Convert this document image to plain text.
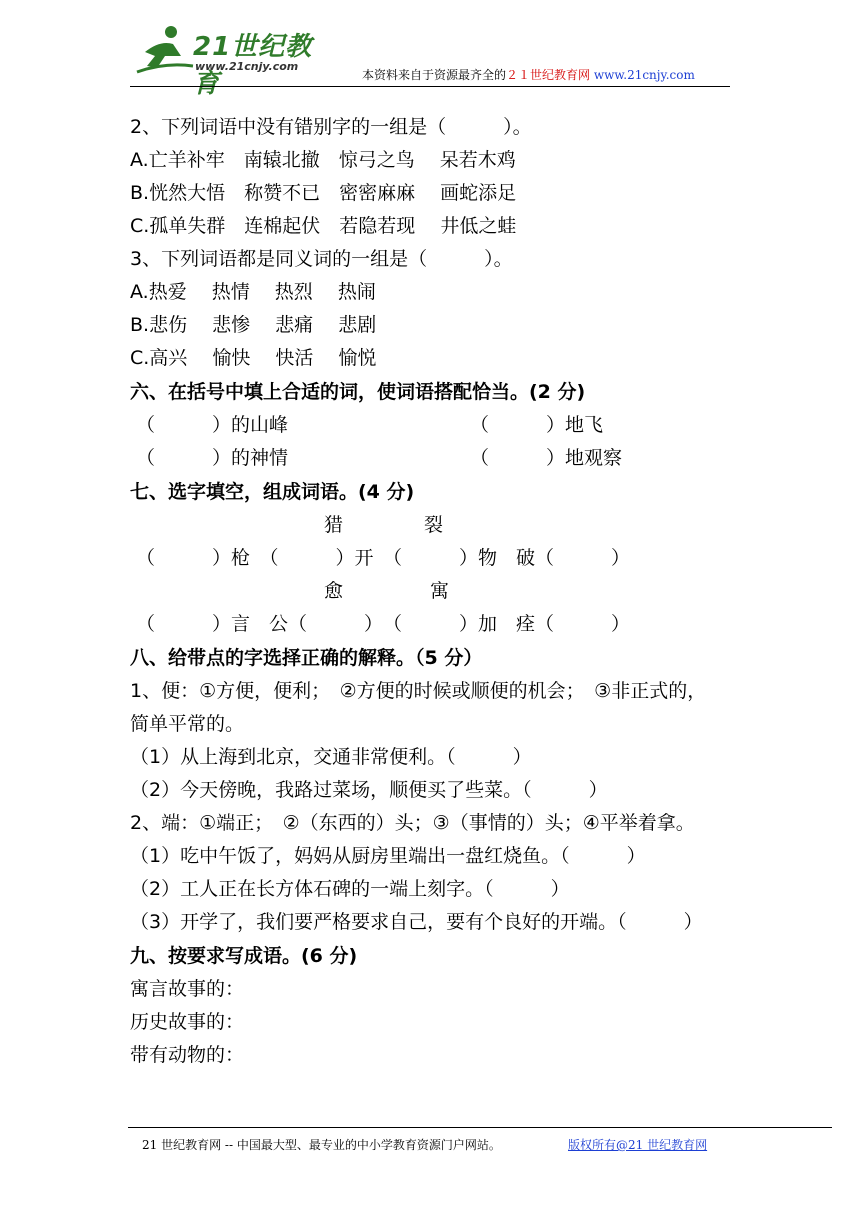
21世纪教育
www.21cnjy.com
本资料来自于资源最齐全的２１世纪教育网 www.21cnjy.com
2、下列词语中没有错别字的一组是（　　　）。
A.亡羊补牢　南辕北撤　惊弓之鸟　 呆若木鸡
B.恍然大悟　称赞不已　密密麻麻　 画蛇添足
C.孤单失群　连棉起伏　若隐若现　 井低之蛙
3、下列词语都是同义词的一组是（　　　）。
A.热爱　 热情　 热烈　 热闹
B.悲伤　 悲惨　 悲痛　 悲剧
C.高兴　 愉快　 快活　 愉悦
六、在括号中填上合适的词，使词语搭配恰当。(2 分)
（　　　）的山峰	（　　　）地飞
（　　　）的神情	（　　　）地观察
七、选字填空，组成词语。(4 分)
猎	裂
（　　　）枪　（　　　）开　（　　　）物　破（　　　）
愈	寓
（　　　）言　公（　　　）　（　　　）加　痊（　　　）
八、给带点的字选择正确的解释。（5 分）
1、便：①方便，便利；　②方便的时候或顺便的机会；　③非正式的，
简单平常的。
（1）从上海到北京，交通非常便利。（　　　）
（2）今天傍晚，我路过菜场，顺便买了些菜。（　　　）
2、端：①端正；　②（东西的）头；③（事情的）头；④平举着拿。
（1）吃中午饭了，妈妈从厨房里端出一盘红烧鱼。（　　　）
（2）工人正在长方体石碑的一端上刻字。（　　　）
（3）开学了，我们要严格要求自己，要有个良好的开端。（　　　）
九、按要求写成语。(6 分)
寓言故事的：
历史故事的：
带有动物的：
21 世纪教育网 -- 中国最大型、最专业的中小学教育资源门户网站。	版权所有@21 世纪教育网
